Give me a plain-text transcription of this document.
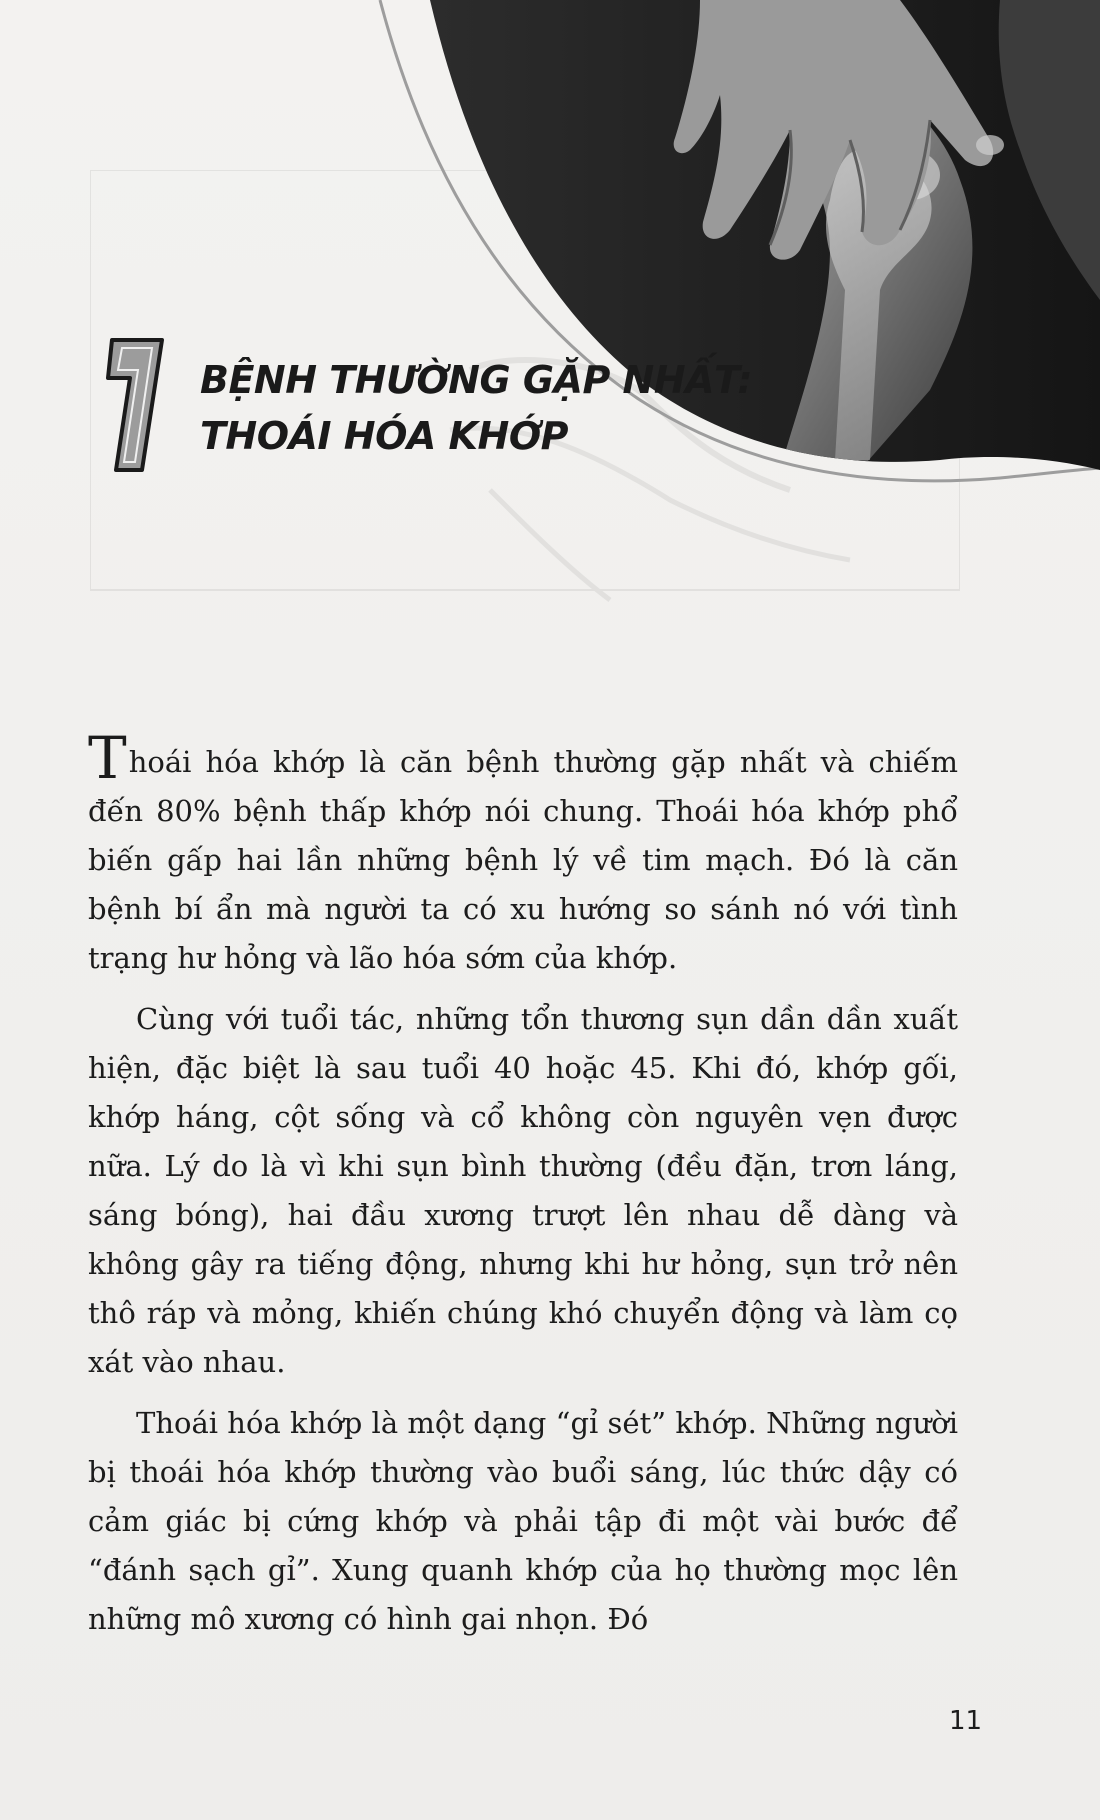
BỆNH THƯỜNG GẶP NHẤT:
THOÁI HÓA KHỚP

Thoái hóa khớp là căn bệnh thường gặp nhất và chiếm đến 80% bệnh thấp khớp nói chung. Thoái hóa khớp phổ biến gấp hai lần những bệnh lý về tim mạch. Đó là căn bệnh bí ẩn mà người ta có xu hướng so sánh nó với tình trạng hư hỏng và lão hóa sớm của khớp.

Cùng với tuổi tác, những tổn thương sụn dần dần xuất hiện, đặc biệt là sau tuổi 40 hoặc 45. Khi đó, khớp gối, khớp háng, cột sống và cổ không còn nguyên vẹn được nữa. Lý do là vì khi sụn bình thường (đều đặn, trơn láng, sáng bóng), hai đầu xương trượt lên nhau dễ dàng và không gây ra tiếng động, nhưng khi hư hỏng, sụn trở nên thô ráp và mỏng, khiến chúng khó chuyển động và làm cọ xát vào nhau.

Thoái hóa khớp là một dạng “gỉ sét” khớp. Những người bị thoái hóa khớp thường vào buổi sáng, lúc thức dậy có cảm giác bị cứng khớp và phải tập đi một vài bước để “đánh sạch gỉ”. Xung quanh khớp của họ thường mọc lên những mô xương có hình gai nhọn. Đó

11
